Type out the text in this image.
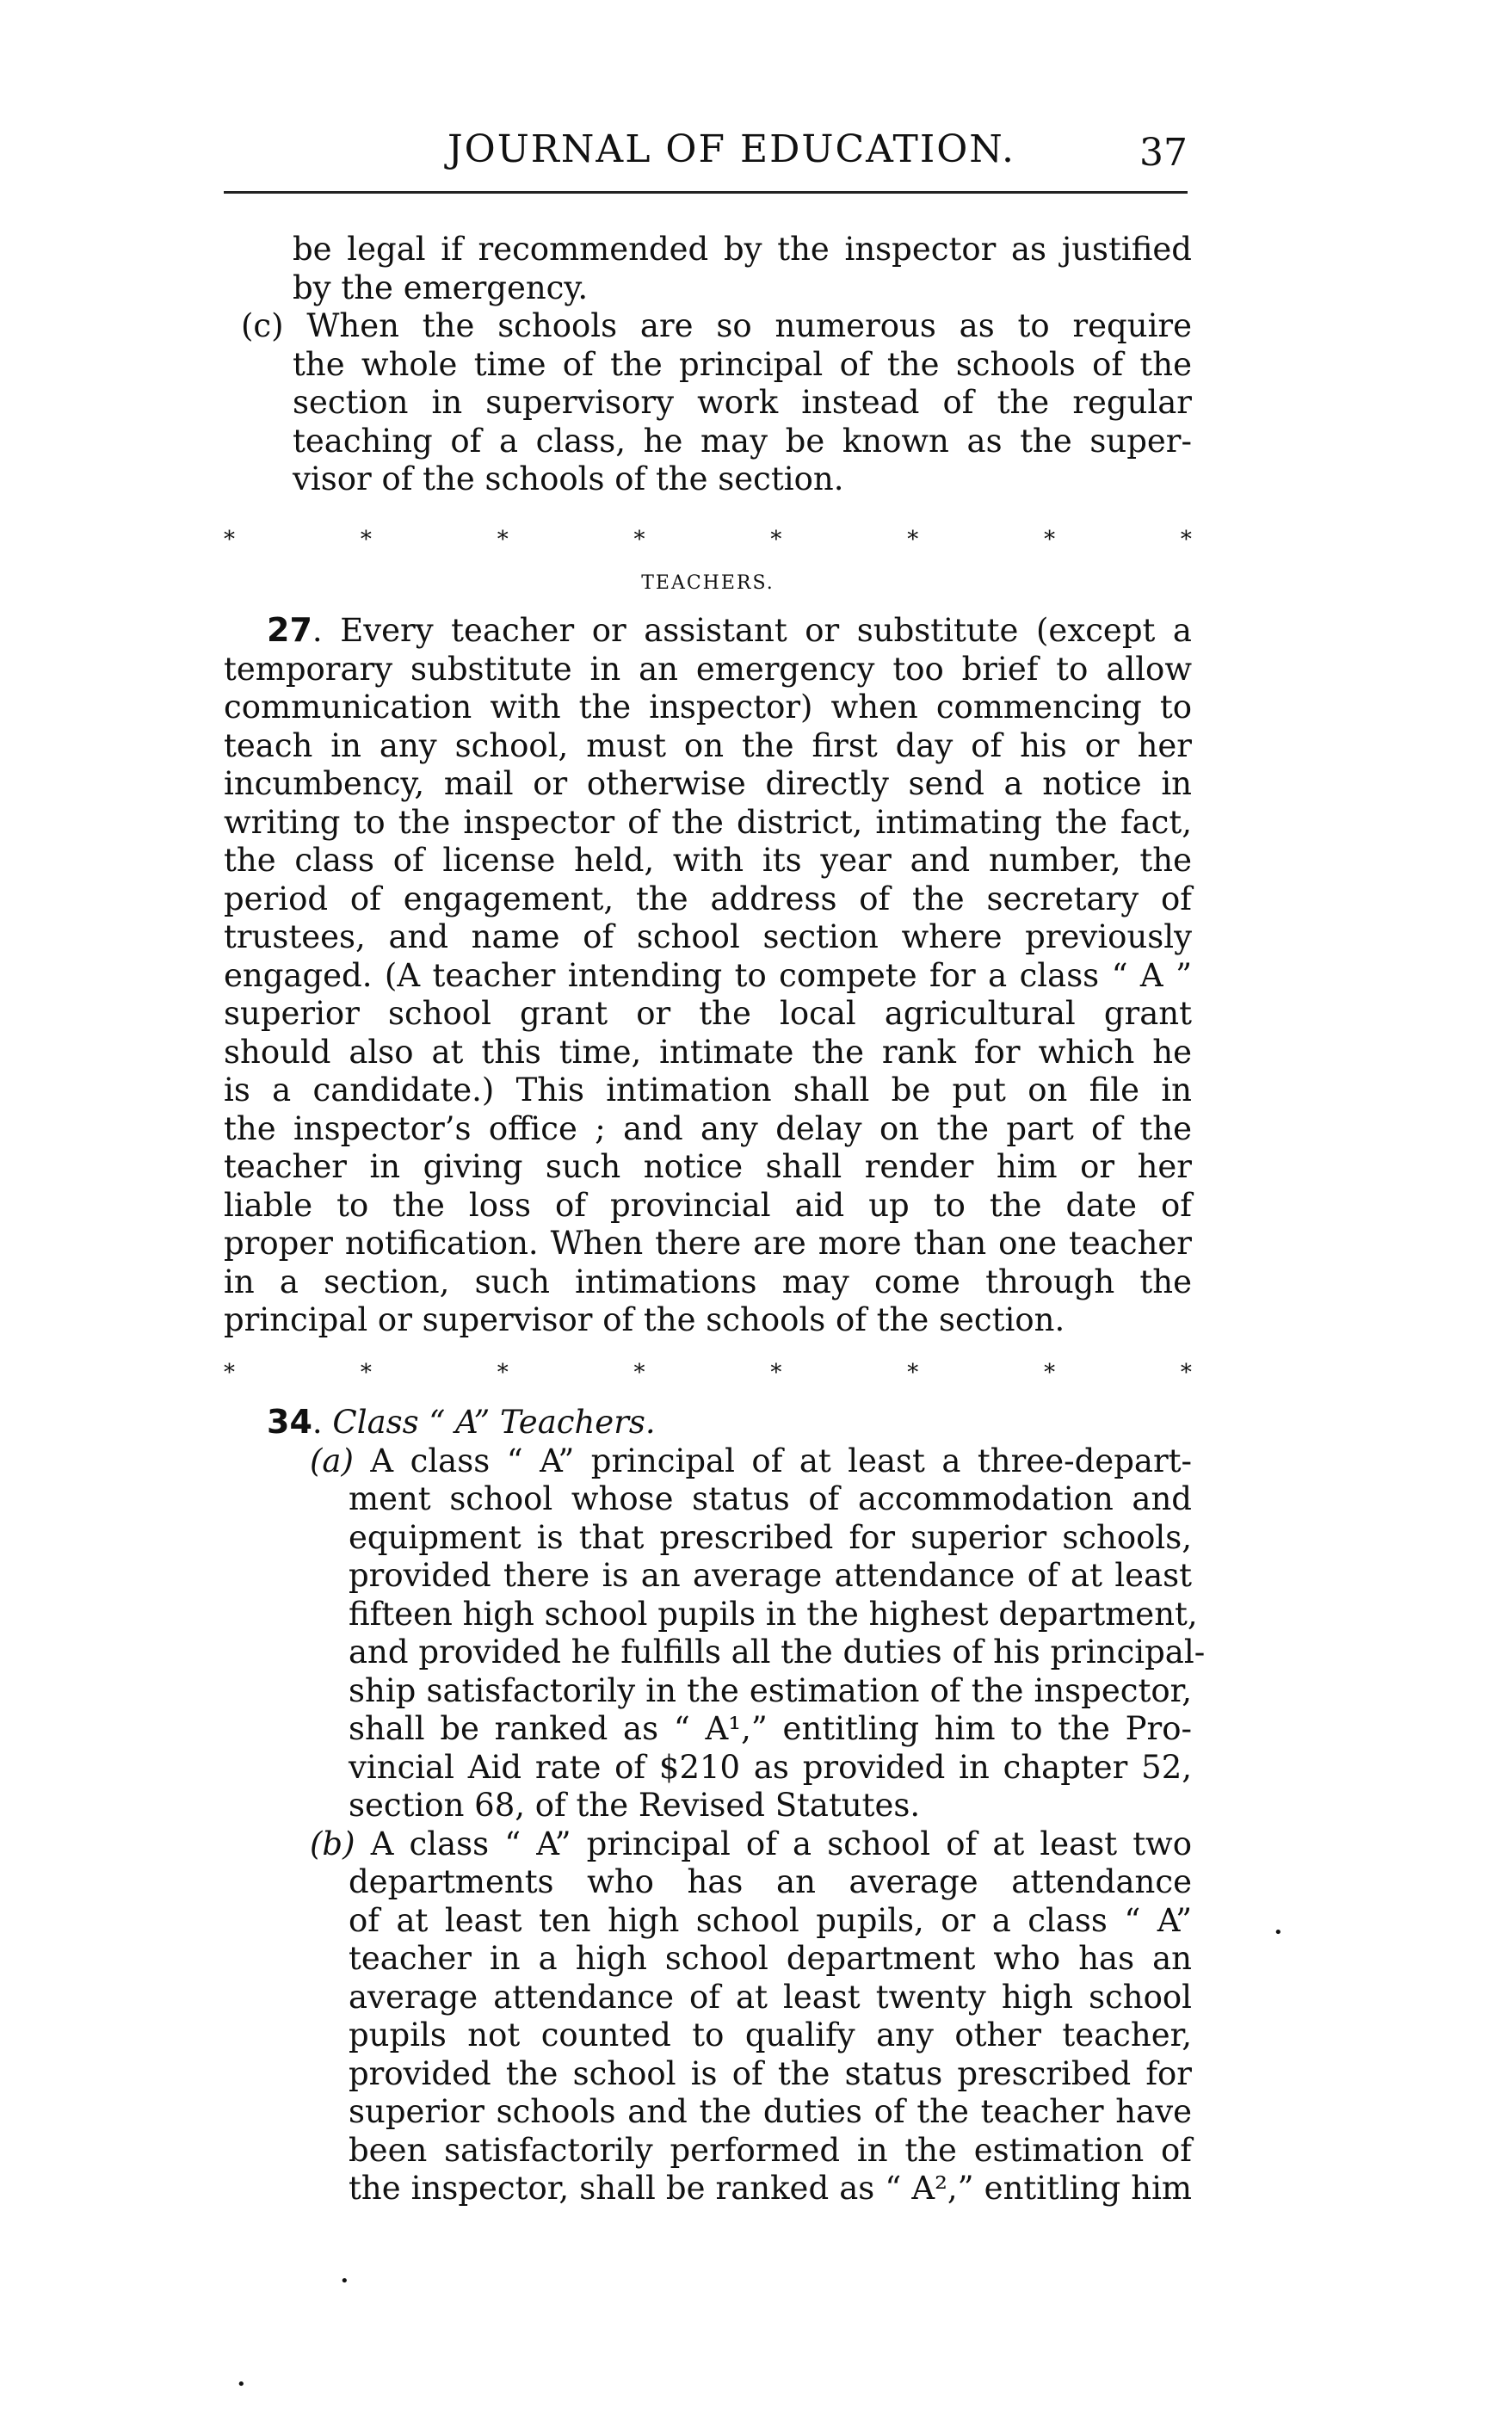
JOURNAL OF EDUCATION.	37
be legal if recommended by the inspector as justified
by the emergency.
(c) When the schools are so numerous as to require
the whole time of the principal of the schools of the
section in supervisory work instead of the regular
teaching of a class, he may be known as the super-
visor of the schools of the section.
*	*	*	*	*	*	*	*
TEACHERS.
27. Every teacher or assistant or substitute (except a
temporary substitute in an emergency too brief to allow
communication with the inspector) when commencing to
teach in any school, must on the first day of his or her
incumbency, mail or otherwise directly send a notice in
writing to the inspector of the district, intimating the fact,
the class of license held, with its year and number, the
period of engagement, the address of the secretary of
trustees, and name of school section where previously
engaged. (A teacher intending to compete for a class “ A ”
superior school grant or the local agricultural grant
should also at this time, intimate the rank for which he
is a candidate.) This intimation shall be put on file in
the inspector’s office ; and any delay on the part of the
teacher in giving such notice shall render him or her
liable to the loss of provincial aid up to the date of
proper notification. When there are more than one teacher
in a section, such intimations may come through the
principal or supervisor of the schools of the section.
*	*	*	*	*	*	*	*
34. Class “ A” Teachers.
(a) A class “ A” principal of at least a three-depart-
ment school whose status of accommodation and
equipment is that prescribed for superior schools,
provided there is an average attendance of at least
fifteen high school pupils in the highest department,
and provided he fulfills all the duties of his principal-
ship satisfactorily in the estimation of the inspector,
shall be ranked as “ A¹,” entitling him to the Pro-
vincial Aid rate of $210 as provided in chapter 52,
section 68, of the Revised Statutes.
(b) A class “ A” principal of a school of at least two
departments who has an average attendance
of at least ten high school pupils, or a class “ A”
teacher in a high school department who has an
average attendance of at least twenty high school
pupils not counted to qualify any other teacher,
provided the school is of the status prescribed for
superior schools and the duties of the teacher have
been satisfactorily performed in the estimation of
the inspector, shall be ranked as “ A²,” entitling him
•
•
•
